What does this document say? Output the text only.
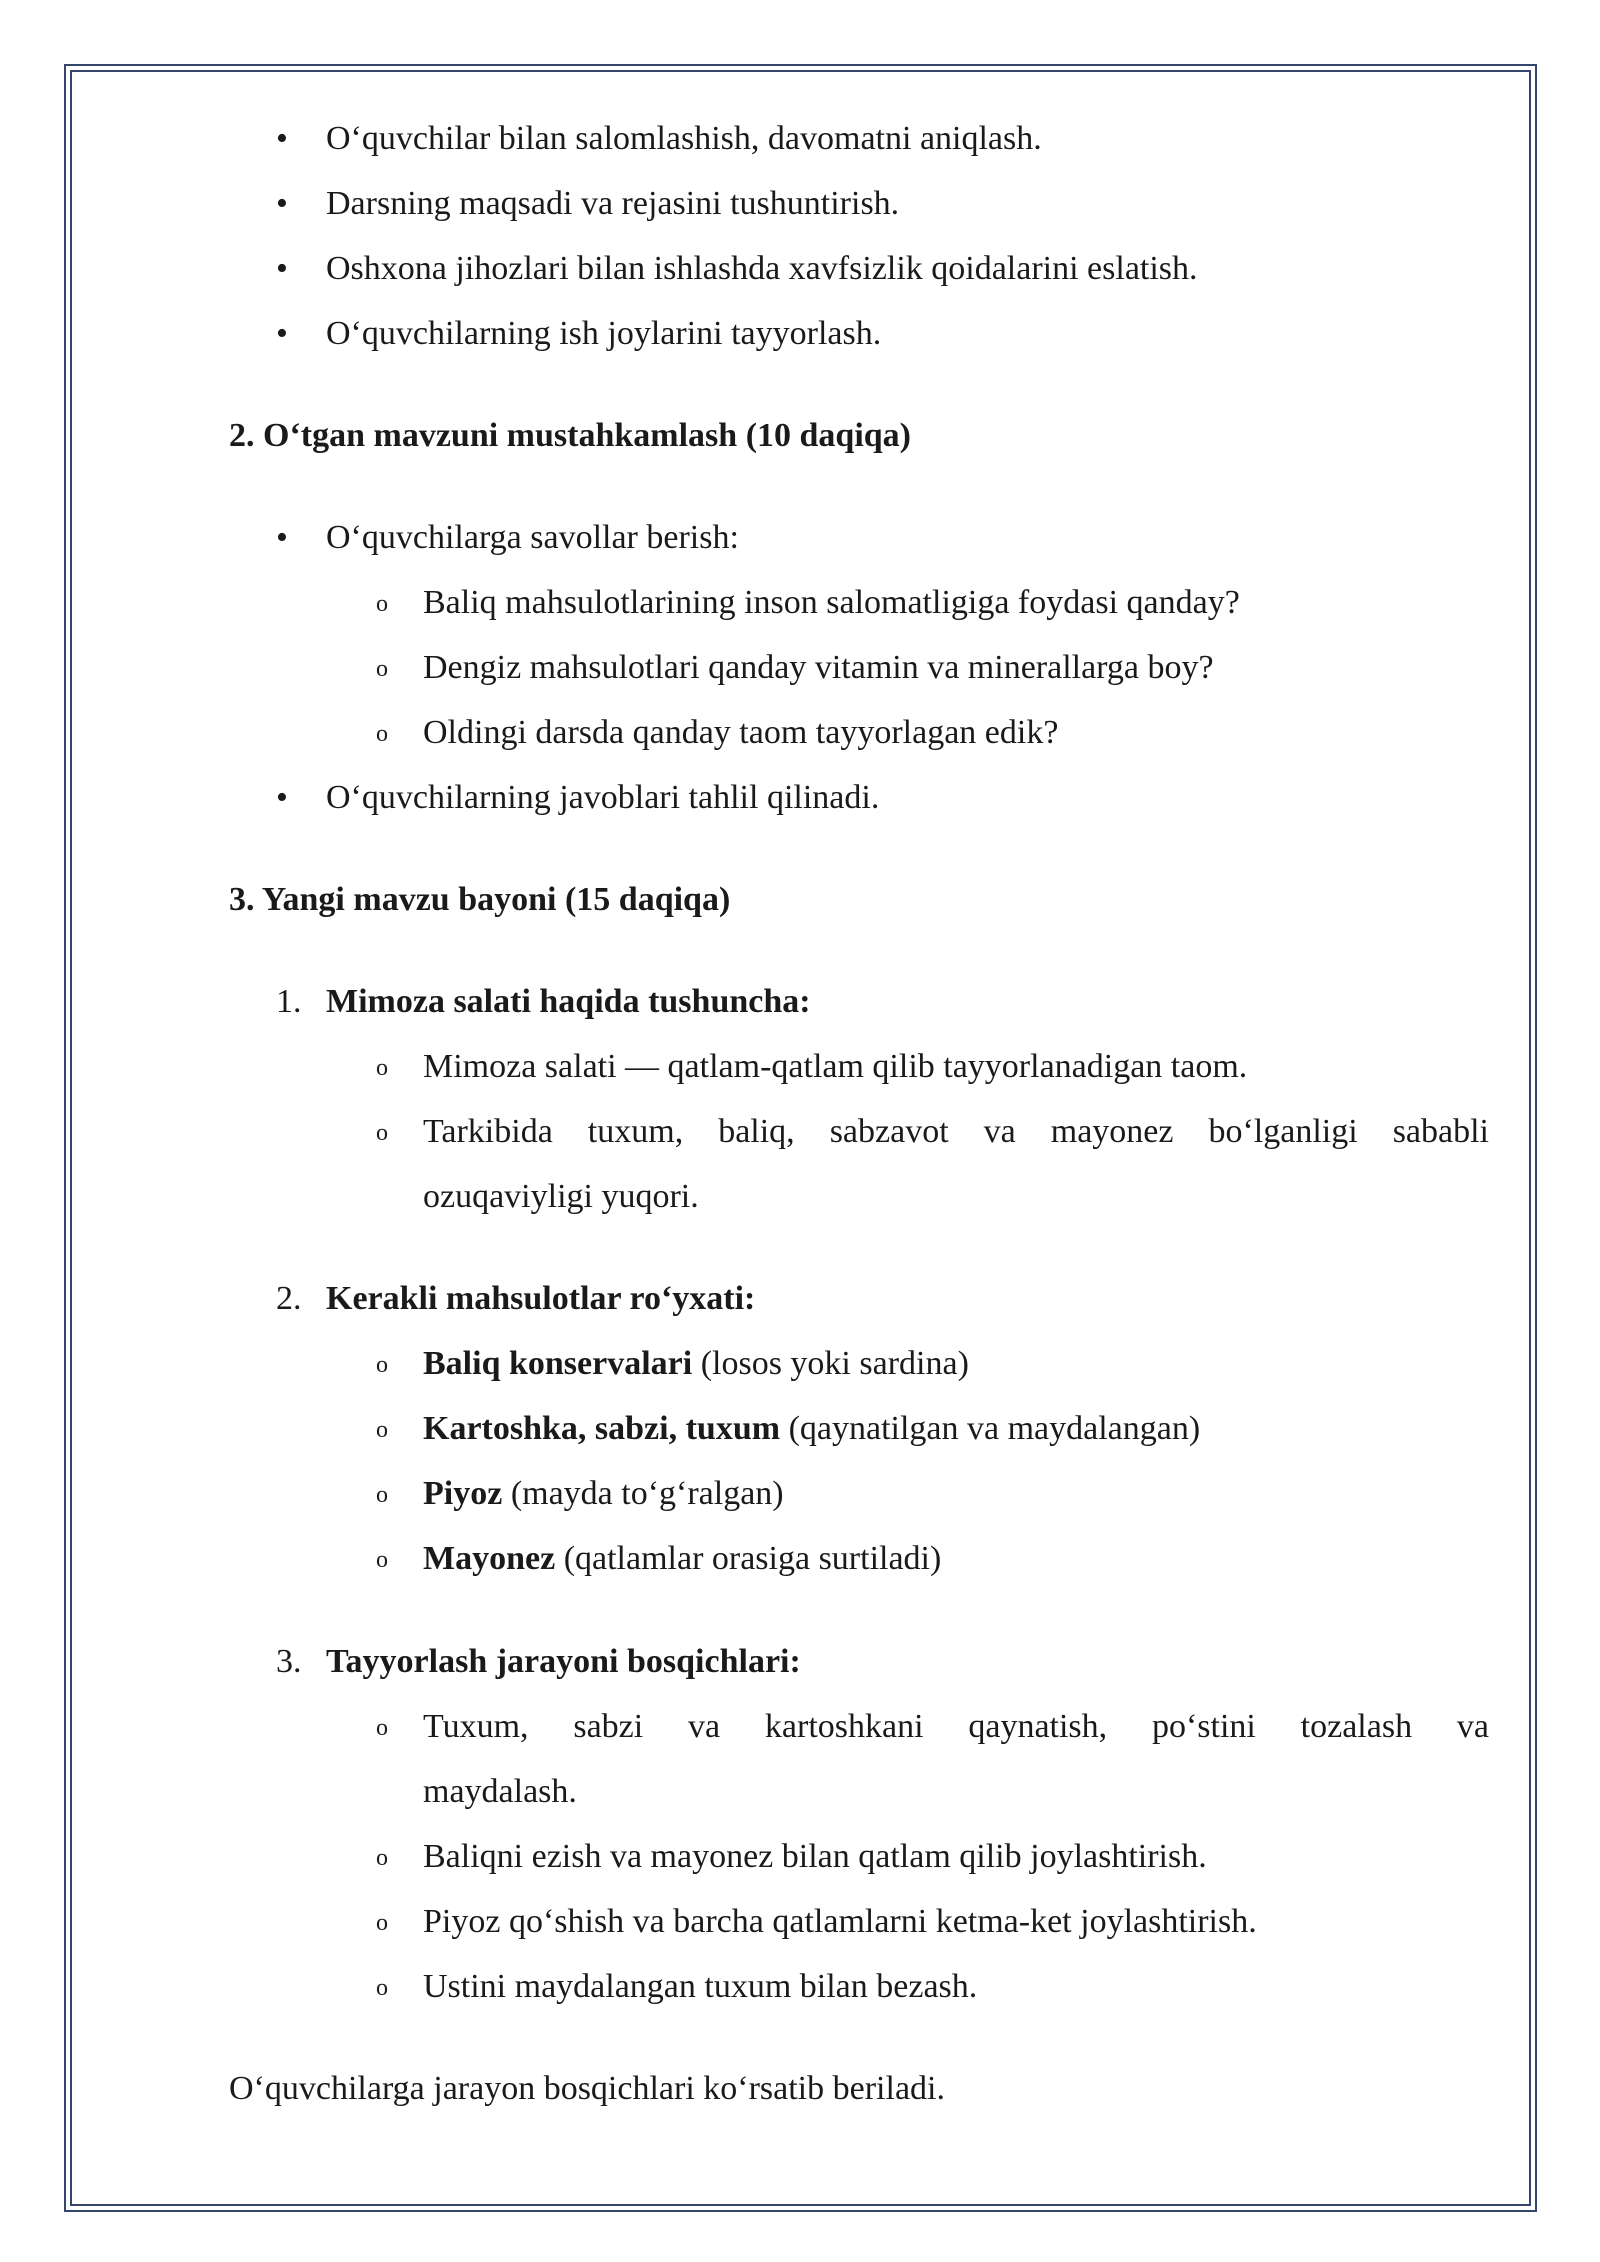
• O‘quvchilar bilan salomlashish, davomatni aniqlash.
• Darsning maqsadi va rejasini tushuntirish.
• Oshxona jihozlari bilan ishlashda xavfsizlik qoidalarini eslatish.
• O‘quvchilarning ish joylarini tayyorlash.
2. O‘tgan mavzuni mustahkamlash (10 daqiqa)
• O‘quvchilarga savollar berish:
o Baliq mahsulotlarining inson salomatligiga foydasi qanday?
o Dengiz mahsulotlari qanday vitamin va minerallarga boy?
o Oldingi darsda qanday taom tayyorlagan edik?
• O‘quvchilarning javoblari tahlil qilinadi.
3. Yangi mavzu bayoni (15 daqiqa)
1. Mimoza salati haqida tushuncha:
o Mimoza salati — qatlam-qatlam qilib tayyorlanadigan taom.
o Tarkibida tuxum, baliq, sabzavot va mayonez bo‘lganligi sababli
ozuqaviyligi yuqori.
2. Kerakli mahsulotlar ro‘yxati:
o Baliq konservalari (losos yoki sardina)
o Kartoshka, sabzi, tuxum (qaynatilgan va maydalangan)
o Piyoz (mayda to‘g‘ralgan)
o Mayonez (qatlamlar orasiga surtiladi)
3. Tayyorlash jarayoni bosqichlari:
o Tuxum, sabzi va kartoshkani qaynatish, po‘stini tozalash va
maydalash.
o Baliqni ezish va mayonez bilan qatlam qilib joylashtirish.
o Piyoz qo‘shish va barcha qatlamlarni ketma-ket joylashtirish.
o Ustini maydalangan tuxum bilan bezash.
O‘quvchilarga jarayon bosqichlari ko‘rsatib beriladi.
